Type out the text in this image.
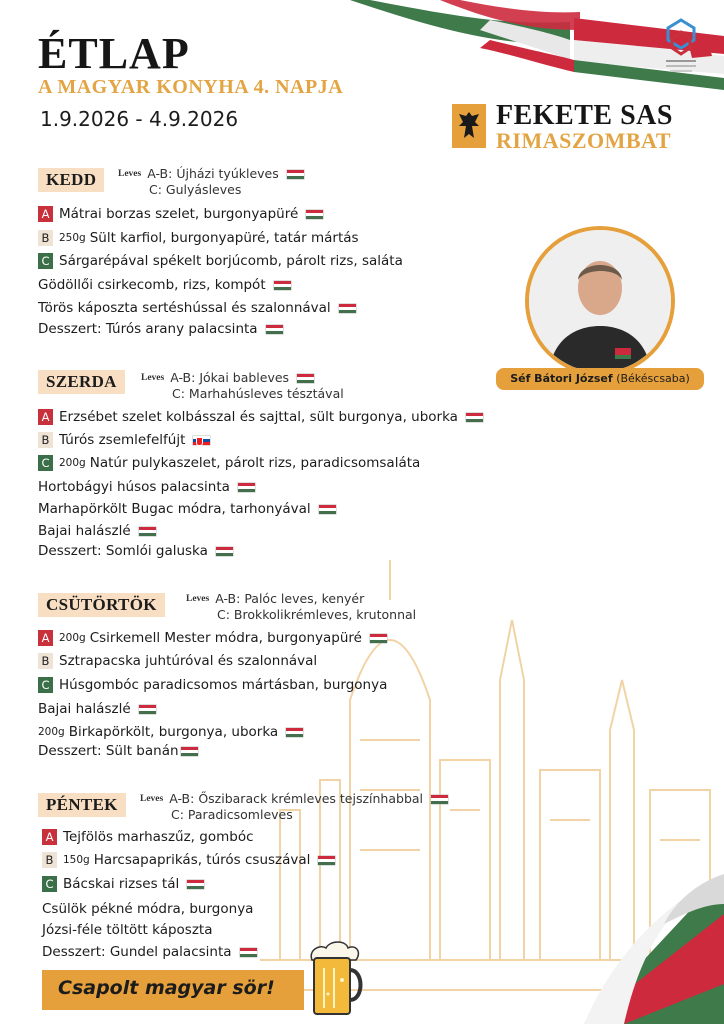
ÉTLAP
A MAGYAR KONYHA 4. NAPJA
1.9.2026 - 4.9.2026	FEKETE SAS
RIMASZOMBAT
Séf Bátori József (Békéscsaba)
KEDD	Leves A-B: Újházi tyúkleves
C: Gulyásleves
A Mátrai borzas szelet, burgonyapüré
B 250g Sült karfiol, burgonyapüré, tatár mártás
C Sárgarépával spékelt borjúcomb, párolt rizs, saláta
Gödöllői csirkecomb, rizs, kompót
Törös káposzta sertéshússal és szalonnával
Desszert: Túrós arany palacsinta
SZERDA	Leves A-B: Jókai bableves
C: Marhahúsleves tésztával
A Erzsébet szelet kolbásszal és sajttal, sült burgonya, uborka
B Túrós zsemlefelfújt
C 200g Natúr pulykaszelet, párolt rizs, paradicsomsaláta
Hortobágyi húsos palacsinta
Marhapörkölt Bugac módra, tarhonyával
Bajai halászlé
Desszert: Somlói galuska
CSÜTÖRTÖK	Leves A-B: Palóc leves, kenyér
C: Brokkolikrémleves, krutonnal
A 200g Csirkemell Mester módra, burgonyapüré
B Sztrapacska juhtúróval és szalonnával
C Húsgombóc paradicsomos mártásban, burgonya
Bajai halászlé
200g Birkapörkölt, burgonya, uborka
Desszert: Sült banán
PÉNTEK	Leves A-B: Őszibarack krémleves tejszínhabbal
C: Paradicsomleves
A Tejfölös marhaszűz, gombóc
B 150g Harcsapaprikás, túrós csuszával
C Bácskai rizses tál
Csülök pékné módra, burgonya
Józsi-féle töltött káposzta
Desszert: Gundel palacsinta
Csapolt magyar sör!
